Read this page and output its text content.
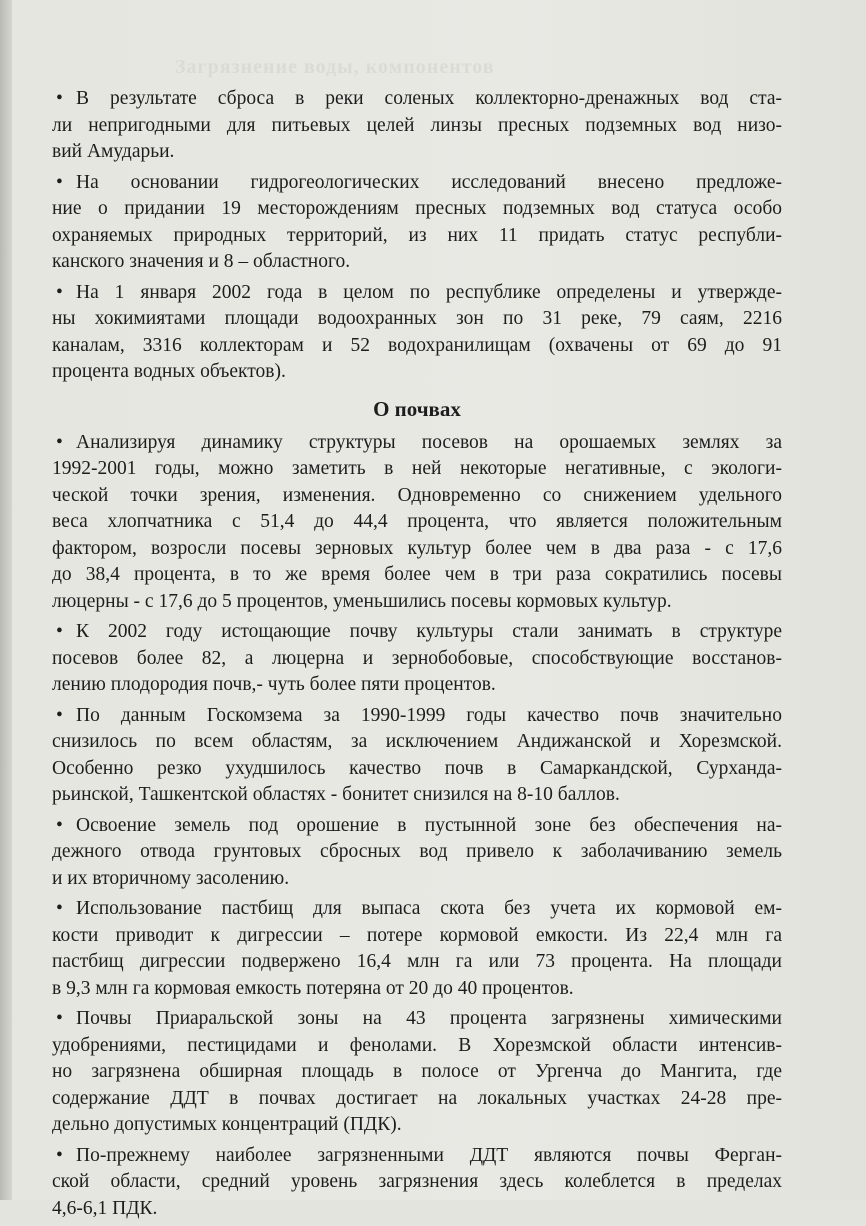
Загрязнение воды, компонентов
• В результате сброса в реки соленых коллекторно-дренажных вод ста-
ли непригодными для питьевых целей линзы пресных подземных вод низо-
вий Амударьи.
• На основании гидрогеологических исследований внесено предложе-
ние о придании 19 месторождениям пресных подземных вод статуса особо
охраняемых природных территорий, из них 11 придать статус республи-
канского значения и 8 – областного.
• На 1 января 2002 года в целом по республике определены и утвержде-
ны хокимиятами площади водоохранных зон по 31 реке, 79 саям, 2216
каналам, 3316 коллекторам и 52 водохранилищам (охвачены от 69 до 91
процента водных объектов).
О почвах
• Анализируя динамику структуры посевов на орошаемых землях за
1992-2001 годы, можно заметить в ней некоторые негативные, с экологи-
ческой точки зрения, изменения. Одновременно со снижением удельного
веса хлопчатника с 51,4 до 44,4 процента, что является положительным
фактором, возросли посевы зерновых культур более чем в два раза - с 17,6
до 38,4 процента, в то же время более чем в три раза сократились посевы
люцерны - с 17,6 до 5 процентов, уменьшились посевы кормовых культур.
• К 2002 году истощающие почву культуры стали занимать в структуре
посевов более 82, а люцерна и зернобобовые, способствующие восстанов-
лению плодородия почв,- чуть более пяти процентов.
• По данным Госкомзема за 1990-1999 годы качество почв значительно
снизилось по всем областям, за исключением Андижанской и Хорезмской.
Особенно резко ухудшилось качество почв в Самаркандской, Сурханда-
рьинской, Ташкентской областях - бонитет снизился на 8-10 баллов.
• Освоение земель под орошение в пустынной зоне без обеспечения на-
дежного отвода грунтовых сбросных вод привело к заболачиванию земель
и их вторичному засолению.
• Использование пастбищ для выпаса скота без учета их кормовой ем-
кости приводит к дигрессии – потере кормовой емкости. Из 22,4 млн га
пастбищ дигрессии подвержено 16,4 млн га или 73 процента. На площади
в 9,3 млн га кормовая емкость потеряна от 20 до 40 процентов.
• Почвы Приаральской зоны на 43 процента загрязнены химическими
удобрениями, пестицидами и фенолами. В Хорезмской области интенсив-
но загрязнена обширная площадь в полосе от Ургенча до Мангита, где
содержание ДДТ в почвах достигает на локальных участках 24-28 пре-
дельно допустимых концентраций (ПДК).
• По-прежнему наиболее загрязненными ДДТ являются почвы Ферган-
ской области, средний уровень загрязнения здесь колеблется в пределах
4,6-6,1 ПДК.
